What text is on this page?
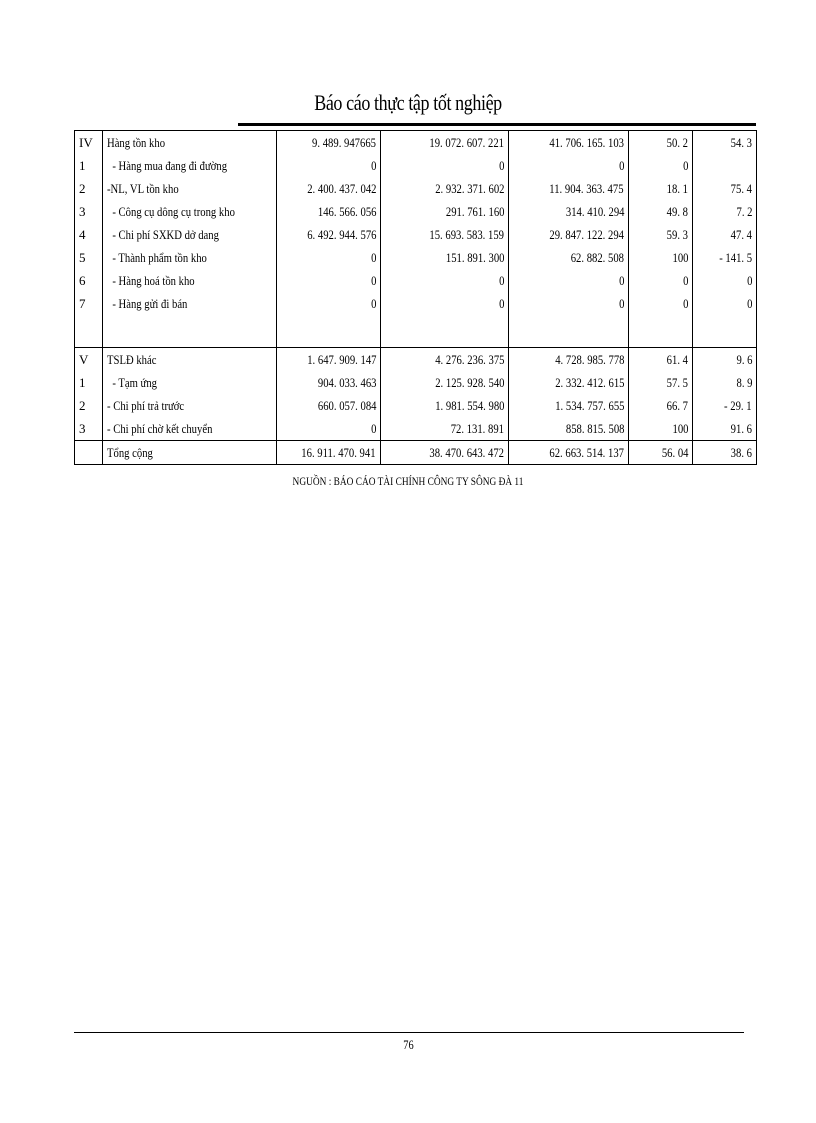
Báo cáo thực tập tốt nghiệp
IV	Hàng tồn kho	9. 489. 947665	19. 072. 607. 221	41. 706. 165. 103	50. 2	54. 3
1	- Hàng mua đang đi đường	0	0	0	0	
2	-NL, VL tồn kho	2. 400. 437. 042	2. 932. 371. 602	11. 904. 363. 475	18. 1	75. 4
3	- Công cụ dông cụ trong kho	146. 566. 056	291. 761. 160	314. 410. 294	49. 8	7. 2
4	- Chi phí SXKD dở dang	6. 492. 944. 576	15. 693. 583. 159	29. 847. 122. 294	59. 3	47. 4
5	- Thành phẩm tồn kho	0	151. 891. 300	62. 882. 508	100	- 141. 5
6	- Hàng hoá tồn kho	0	0	0	0	0
7	- Hàng gửi đi bán	0	0	0	0	0

V	TSLĐ khác	1. 647. 909. 147	4. 276. 236. 375	4. 728. 985. 778	61. 4	9. 6
1	- Tạm ứng	904. 033. 463	2. 125. 928. 540	2. 332. 412. 615	57. 5	8. 9
2	- Chi phí trả trước	660. 057. 084	1. 981. 554. 980	1. 534. 757. 655	66. 7	- 29. 1
3	- Chi phí chờ kết chuyển	0	72. 131. 891	858. 815. 508	100	91. 6
	Tổng cộng	16. 911. 470. 941	38. 470. 643. 472	62. 663. 514. 137	56. 04	38. 6
NGUỒN : BÁO CÁO TÀI CHÍNH CÔNG TY SÔNG ĐÀ 11
76
